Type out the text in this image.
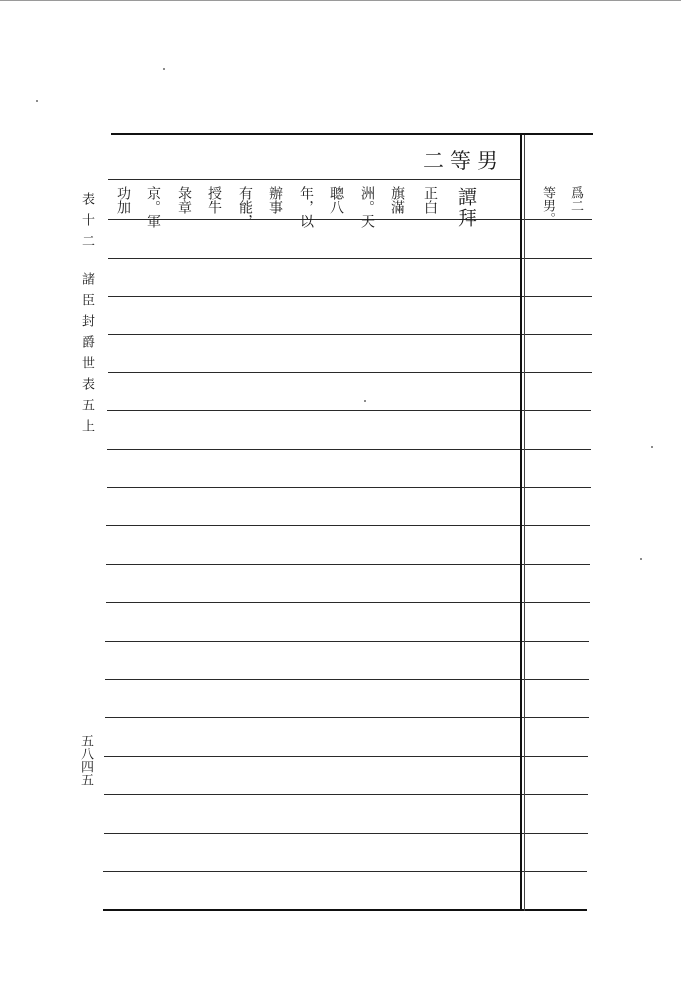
表十二
諸臣封爵世表五上
五八四五
二等男
譚拜
正白
旗滿
洲。天
聰八
年，以
辦事
有能，
授牛
彔章
京。軍
功加	爲二
等男。
